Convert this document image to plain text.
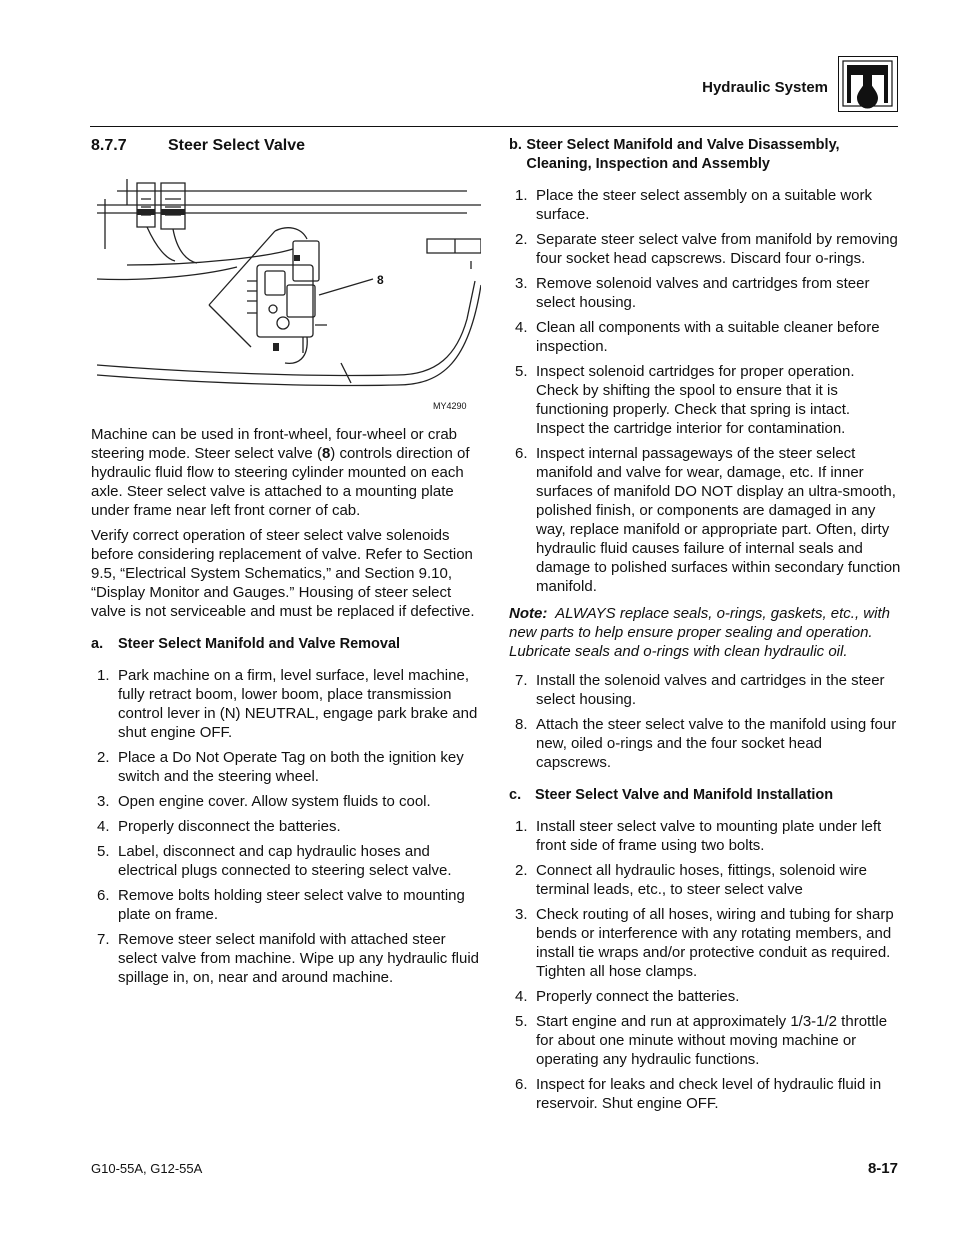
Hydraulic System
8.7.7	Steer Select Valve
8
MY4290

Machine can be used in front-wheel, four-wheel or crab steering mode. Steer select valve (8) controls direction of hydraulic fluid flow to steering cylinder mounted on each axle. Steer select valve is attached to a mounting plate under frame near left front corner of cab.

Verify correct operation of steer select valve solenoids before considering replacement of valve. Refer to Section 9.5, “Electrical System Schematics,” and Section 9.10, “Display Monitor and Gauges.” Housing of steer select valve is not serviceable and must be replaced if defective.

a.	Steer Select Manifold and Valve Removal
1. Park machine on a firm, level surface, level machine, fully retract boom, lower boom, place transmission control lever in (N) NEUTRAL, engage park brake and shut engine OFF.
2. Place a Do Not Operate Tag on both the ignition key switch and the steering wheel.
3. Open engine cover. Allow system fluids to cool.
4. Properly disconnect the batteries.
5. Label, disconnect and cap hydraulic hoses and electrical plugs connected to steering select valve.
6. Remove bolts holding steer select valve to mounting plate on frame.
7. Remove steer select manifold with attached steer select valve from machine. Wipe up any hydraulic fluid spillage in, on, near and around machine.
b. Steer Select Manifold and Valve Disassembly, Cleaning, Inspection and Assembly
1. Place the steer select assembly on a suitable work surface.
2. Separate steer select valve from manifold by removing four socket head capscrews. Discard four o-rings.
3. Remove solenoid valves and cartridges from steer select housing.
4. Clean all components with a suitable cleaner before inspection.
5. Inspect solenoid cartridges for proper operation. Check by shifting the spool to ensure that it is functioning properly. Check that spring is intact. Inspect the cartridge interior for contamination.
6. Inspect internal passageways of the steer select manifold and valve for wear, damage, etc. If inner surfaces of manifold DO NOT display an ultra-smooth, polished finish, or components are damaged in any way, replace manifold or appropriate part. Often, dirty hydraulic fluid causes failure of internal seals and damage to polished surfaces within secondary function manifold.

Note: ALWAYS replace seals, o-rings, gaskets, etc., with new parts to help ensure proper sealing and operation. Lubricate seals and o-rings with clean hydraulic oil.

7. Install the solenoid valves and cartridges in the steer select housing.
8. Attach the steer select valve to the manifold using four new, oiled o-rings and the four socket head capscrews.
c. Steer Select Valve and Manifold Installation
1. Install steer select valve to mounting plate under left front side of frame using two bolts.
2. Connect all hydraulic hoses, fittings, solenoid wire terminal leads, etc., to steer select valve
3. Check routing of all hoses, wiring and tubing for sharp bends or interference with any rotating members, and install tie wraps and/or protective conduit as required. Tighten all hose clamps.
4. Properly connect the batteries.
5. Start engine and run at approximately 1/3-1/2 throttle for about one minute without moving machine or operating any hydraulic functions.
6. Inspect for leaks and check level of hydraulic fluid in reservoir. Shut engine OFF.
G10-55A, G12-55A	8-17
